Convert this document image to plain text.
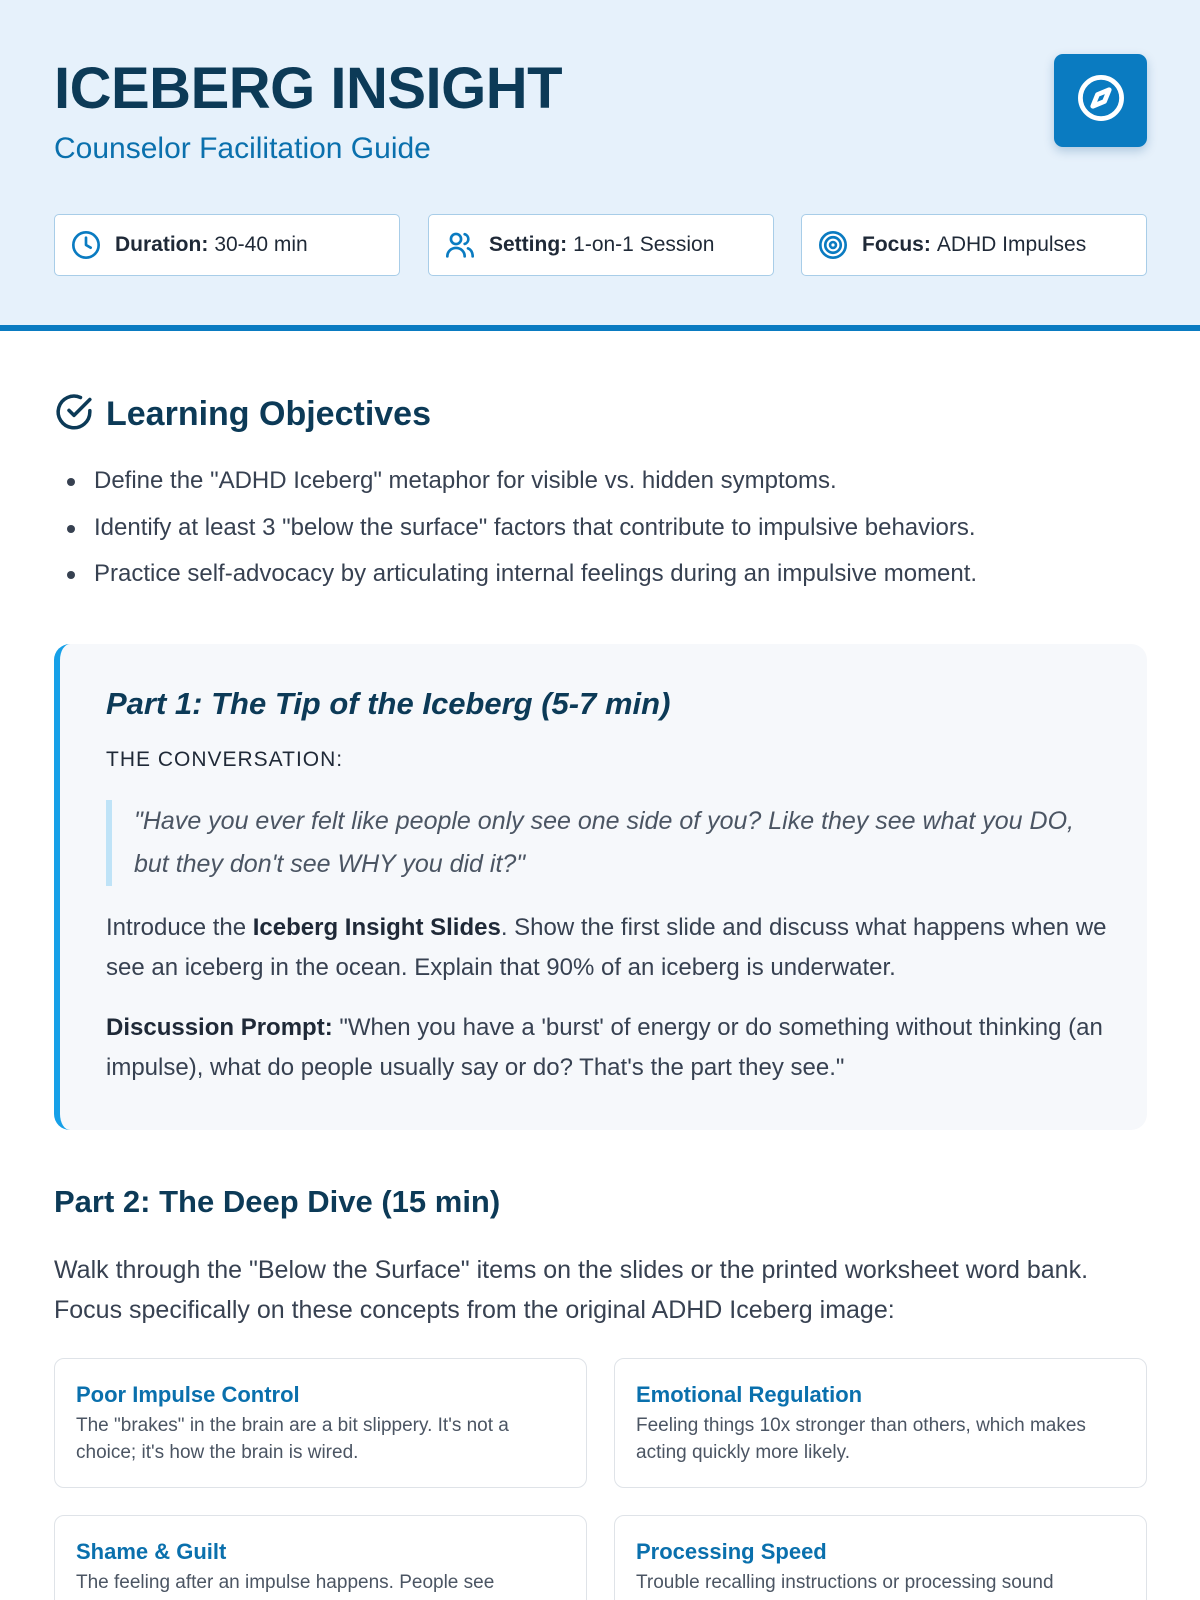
ICEBERG INSIGHT
Counselor Facilitation Guide
Duration: 30-40 min	Setting: 1-on-1 Session	Focus: ADHD Impulses
Learning Objectives
Define the "ADHD Iceberg" metaphor for visible vs. hidden symptoms.
Identify at least 3 "below the surface" factors that contribute to impulsive behaviors.
Practice self-advocacy by articulating internal feelings during an impulsive moment.
Part 1: The Tip of the Iceberg (5-7 min)
THE CONVERSATION:
"Have you ever felt like people only see one side of you? Like they see what you DO, but they don't see WHY you did it?"

Introduce the Iceberg Insight Slides. Show the first slide and discuss what happens when we see an iceberg in the ocean. Explain that 90% of an iceberg is underwater.

Discussion Prompt: "When you have a 'burst' of energy or do something without thinking (an impulse), what do people usually say or do? That's the part they see."

Part 2: The Deep Dive (15 min)

Walk through the "Below the Surface" items on the slides or the printed worksheet word bank. Focus specifically on these concepts from the original ADHD Iceberg image:

Poor Impulse Control
The "brakes" in the brain are a bit slippery. It's not a choice; it's how the brain is wired.
Emotional Regulation
Feeling things 10x stronger than others, which makes acting quickly more likely.
Shame & Guilt
The feeling after an impulse happens. People see
Processing Speed
Trouble recalling instructions or processing sound
